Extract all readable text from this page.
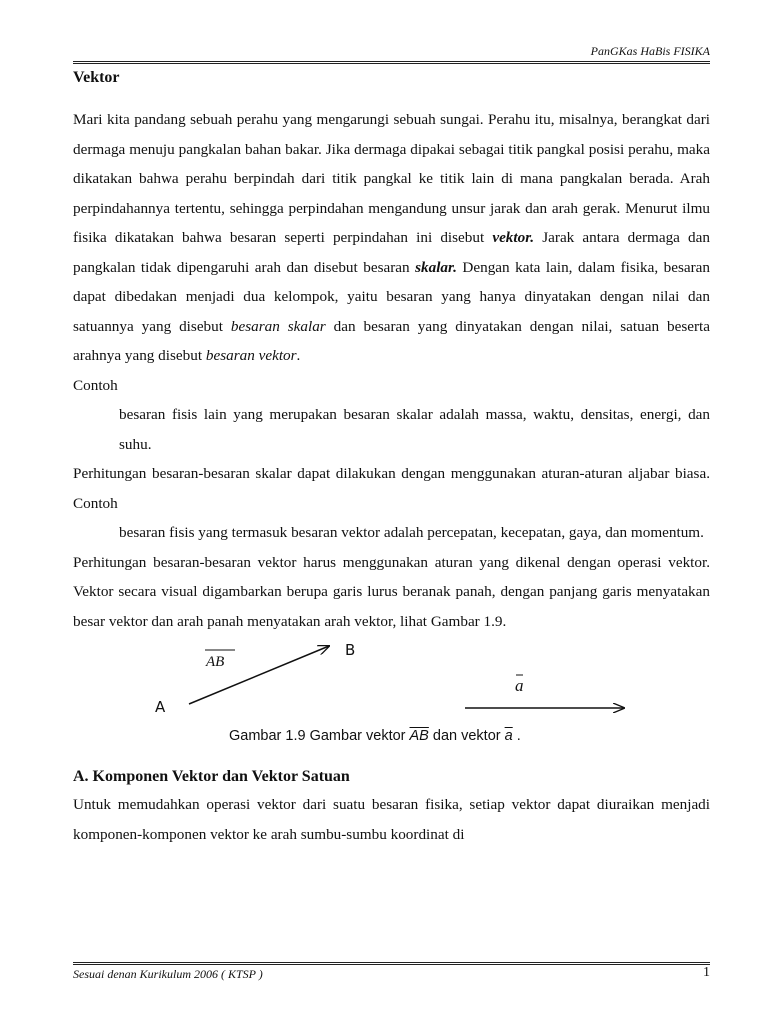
PanGKas HaBis FISIKA
Vektor

Mari kita pandang sebuah perahu yang mengarungi sebuah sungai. Perahu itu, misalnya, berangkat dari dermaga menuju pangkalan bahan bakar. Jika dermaga dipakai sebagai titik pangkal posisi perahu, maka dikatakan bahwa perahu berpindah dari titik pangkal ke titik lain di mana pangkalan berada. Arah perpindahannya tertentu, sehingga perpindahan mengandung unsur jarak dan arah gerak. Menurut ilmu fisika dikatakan bahwa besaran seperti perpindahan ini disebut vektor. Jarak antara dermaga dan pangkalan tidak dipengaruhi arah dan disebut besaran skalar. Dengan kata lain, dalam fisika, besaran dapat dibedakan menjadi dua kelompok, yaitu besaran yang hanya dinyatakan dengan nilai dan satuannya yang disebut besaran skalar dan besaran yang dinyatakan dengan nilai, satuan beserta arahnya yang disebut besaran vektor.

Contoh

besaran fisis lain yang merupakan besaran skalar adalah massa, waktu, densitas, energi, dan suhu.

Perhitungan besaran-besaran skalar dapat dilakukan dengan menggunakan aturan-aturan aljabar biasa. Contoh

besaran fisis yang termasuk besaran vektor adalah percepatan, kecepatan, gaya, dan momentum.

Perhitungan besaran-besaran vektor harus menggunakan aturan yang dikenal dengan operasi vektor. Vektor secara visual digambarkan berupa garis lurus beranak panah, dengan panjang garis menyatakan besar vektor dan arah panah menyatakan arah vektor, lihat Gambar 1.9.

A
B
AB
a
Gambar 1.9 Gambar vektor $\overline{AB}$ dan vektor $\overline{a}$ .
A. Komponen Vektor dan Vektor Satuan

Untuk memudahkan operasi vektor dari suatu besaran fisika, setiap vektor dapat diuraikan menjadi komponen-komponen vektor ke arah sumbu-sumbu koordinat di

Sesuai denan Kurikulum 2006 ( KTSP )	1
